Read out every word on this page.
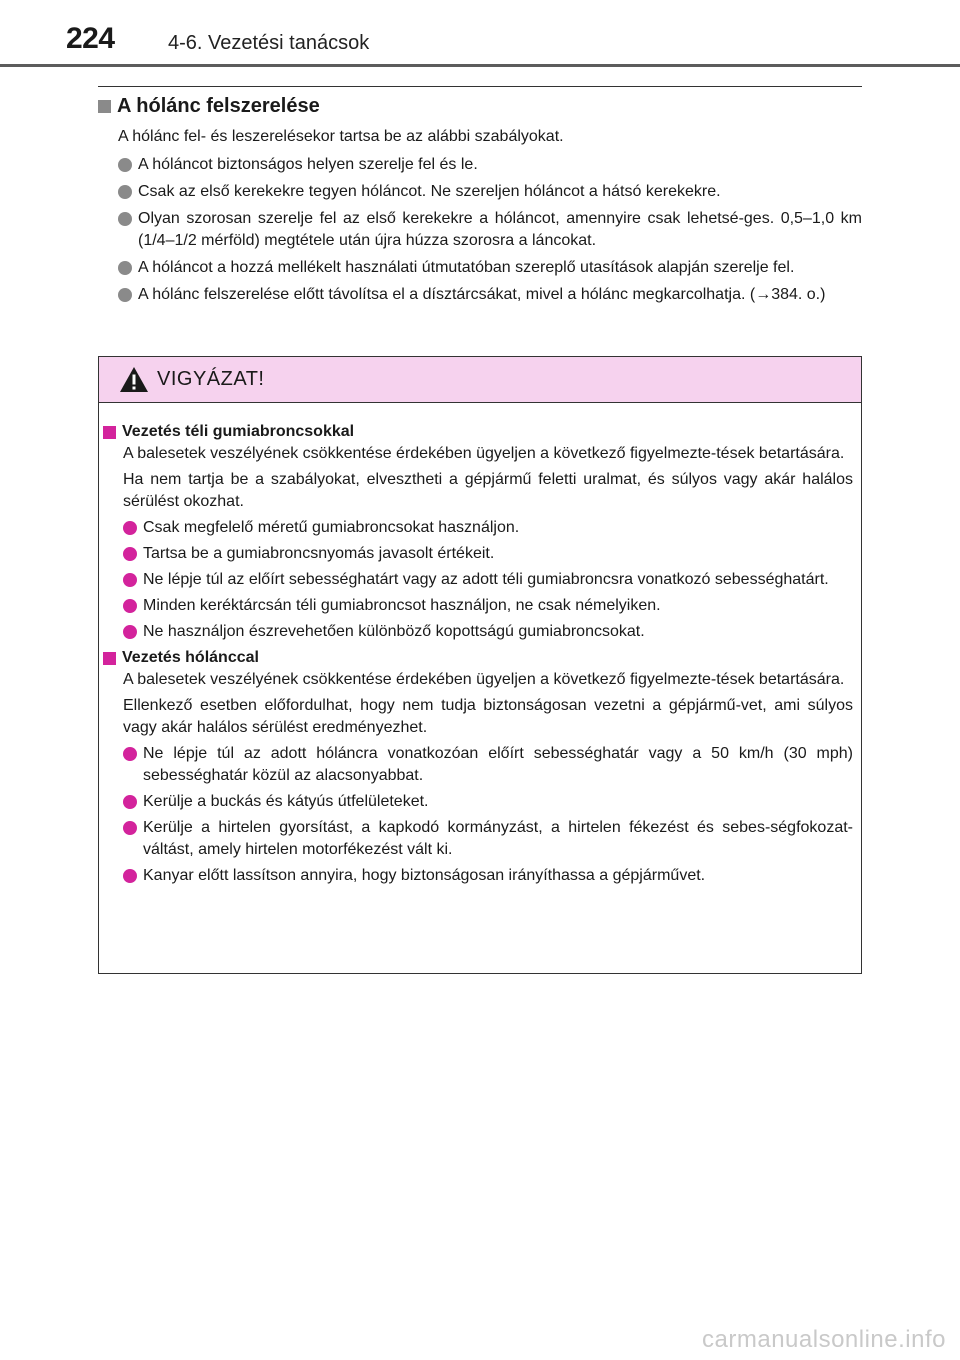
224	4-6. Vezetési tanácsok
A hólánc felszerelése

A hólánc fel- és leszerelésekor tartsa be az alábbi szabályokat.

A hóláncot biztonságos helyen szerelje fel és le.
Csak az első kerekekre tegyen hóláncot. Ne szereljen hóláncot a hátsó kerekekre.
Olyan szorosan szerelje fel az első kerekekre a hóláncot, amennyire csak lehetsé-ges. 0,5–1,0 km (1/4–1/2 mérföld) megtétele után újra húzza szorosra a láncokat.
A hóláncot a hozzá mellékelt használati útmutatóban szereplő utasítások alapján szerelje fel.
A hólánc felszerelése előtt távolítsa el a dísztárcsákat, mivel a hólánc megkarcolhatja. (→384. o.)
VIGYÁZAT!
Vezetés téli gumiabroncsokkal

A balesetek veszélyének csökkentése érdekében ügyeljen a következő figyelmezte-tések betartására.

Ha nem tartja be a szabályokat, elvesztheti a gépjármű feletti uralmat, és súlyos vagy akár halálos sérülést okozhat.

Csak megfelelő méretű gumiabroncsokat használjon.
Tartsa be a gumiabroncsnyomás javasolt értékeit.
Ne lépje túl az előírt sebességhatárt vagy az adott téli gumiabroncsra vonatkozó sebességhatárt.
Minden keréktárcsán téli gumiabroncsot használjon, ne csak némelyiken.
Ne használjon észrevehetően különböző kopottságú gumiabroncsokat.
Vezetés hólánccal

A balesetek veszélyének csökkentése érdekében ügyeljen a következő figyelmezte-tések betartására.

Ellenkező esetben előfordulhat, hogy nem tudja biztonságosan vezetni a gépjármű-vet, ami súlyos vagy akár halálos sérülést eredményezhet.

Ne lépje túl az adott hóláncra vonatkozóan előírt sebességhatár vagy a 50 km/h (30 mph) sebességhatár közül az alacsonyabbat.
Kerülje a buckás és kátyús útfelületeket.
Kerülje a hirtelen gyorsítást, a kapkodó kormányzást, a hirtelen fékezést és sebes-ségfokozat-váltást, amely hirtelen motorfékezést vált ki.
Kanyar előtt lassítson annyira, hogy biztonságosan irányíthassa a gépjárművet.
carmanualsonline.info
